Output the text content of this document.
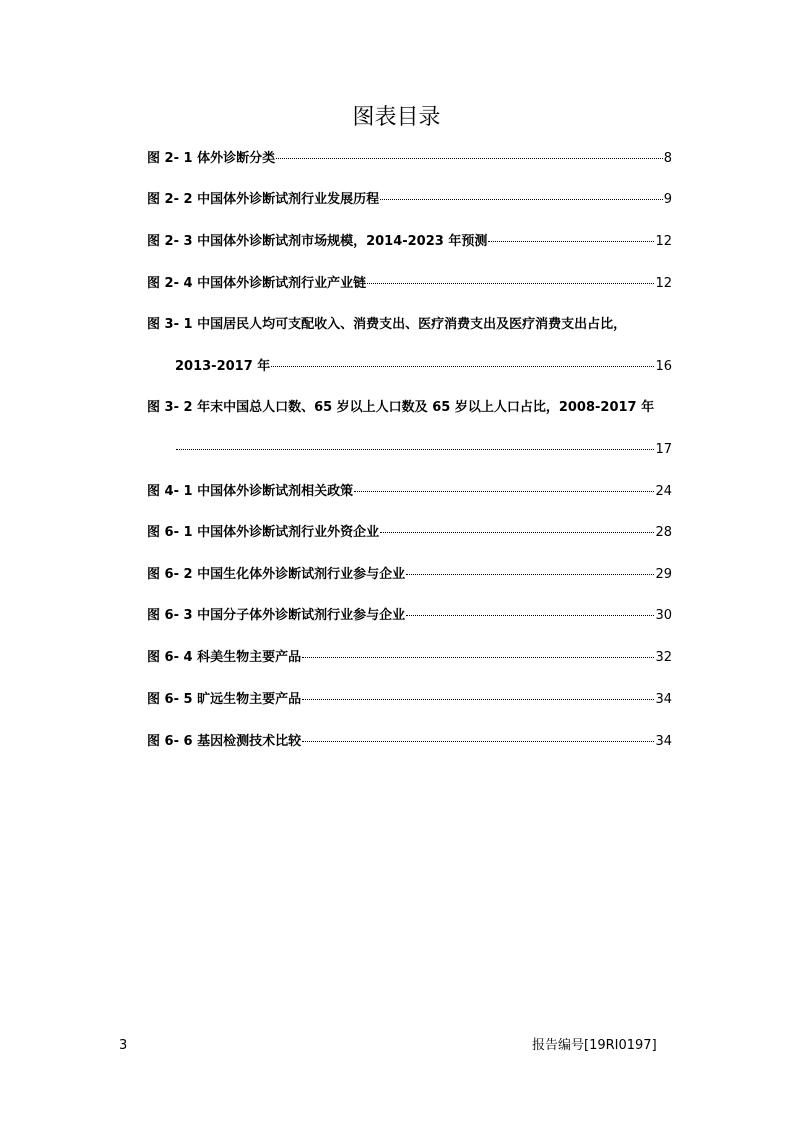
图表目录
图 2- 1 体外诊断分类	8
图 2- 2 中国体外诊断试剂行业发展历程	9
图 2- 3 中国体外诊断试剂市场规模，2014-2023 年预测	12
图 2- 4 中国体外诊断试剂行业产业链	12
图 3- 1 中国居民人均可支配收入、消费支出、医疗消费支出及医疗消费支出占比，
2013-2017 年	16
图 3- 2 年末中国总人口数、65 岁以上人口数及 65 岁以上人口占比，2008-2017 年
17
图 4- 1 中国体外诊断试剂相关政策	24
图 6- 1 中国体外诊断试剂行业外资企业	28
图 6- 2 中国生化体外诊断试剂行业参与企业	29
图 6- 3 中国分子体外诊断试剂行业参与企业	30
图 6- 4 科美生物主要产品	32
图 6- 5 旷远生物主要产品	34
图 6- 6 基因检测技术比较	34
3	报告编号[19RI0197]
